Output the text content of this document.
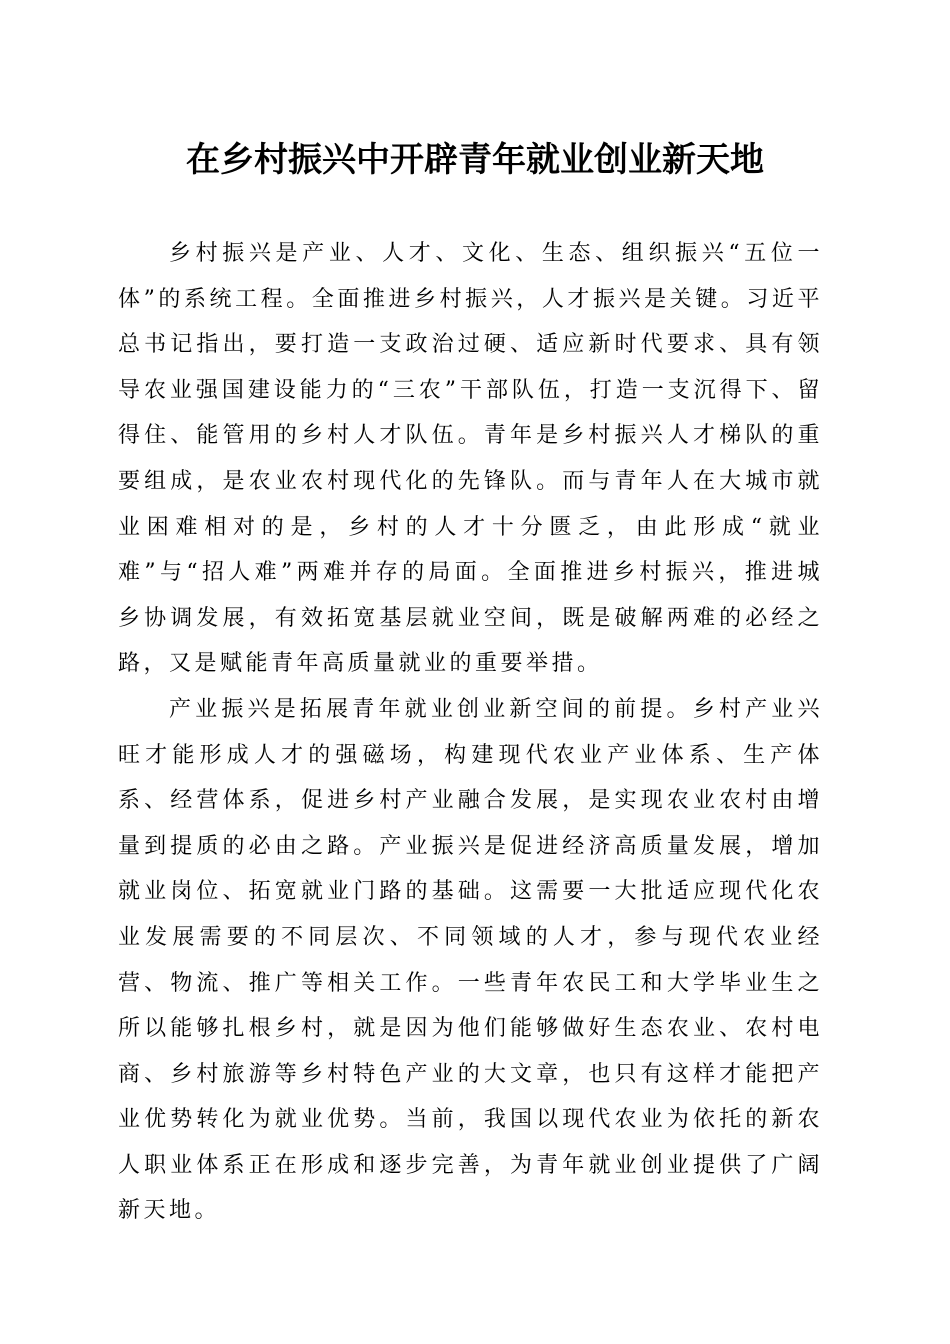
在乡村振兴中开辟青年就业创业新天地

乡村振兴是产业、人才、文化、生态、组织振兴“五位一体”的系统工程。全面推进乡村振兴，人才振兴是关键。习近平总书记指出，要打造一支政治过硬、适应新时代要求、具有领导农业强国建设能力的“三农”干部队伍，打造一支沉得下、留得住、能管用的乡村人才队伍。青年是乡村振兴人才梯队的重要组成，是农业农村现代化的先锋队。而与青年人在大城市就业困难相对的是，乡村的人才十分匮乏，由此形成“就业难”与“招人难”两难并存的局面。全面推进乡村振兴，推进城乡协调发展，有效拓宽基层就业空间，既是破解两难的必经之路，又是赋能青年高质量就业的重要举措。

产业振兴是拓展青年就业创业新空间的前提。乡村产业兴旺才能形成人才的强磁场，构建现代农业产业体系、生产体系、经营体系，促进乡村产业融合发展，是实现农业农村由增量到提质的必由之路。产业振兴是促进经济高质量发展，增加就业岗位、拓宽就业门路的基础。这需要一大批适应现代化农业发展需要的不同层次、不同领域的人才，参与现代农业经营、物流、推广等相关工作。一些青年农民工和大学毕业生之所以能够扎根乡村，就是因为他们能够做好生态农业、农村电商、乡村旅游等乡村特色产业的大文章，也只有这样才能把产业优势转化为就业优势。当前，我国以现代农业为依托的新农人职业体系正在形成和逐步完善，为青年就业创业提供了广阔新天地。
